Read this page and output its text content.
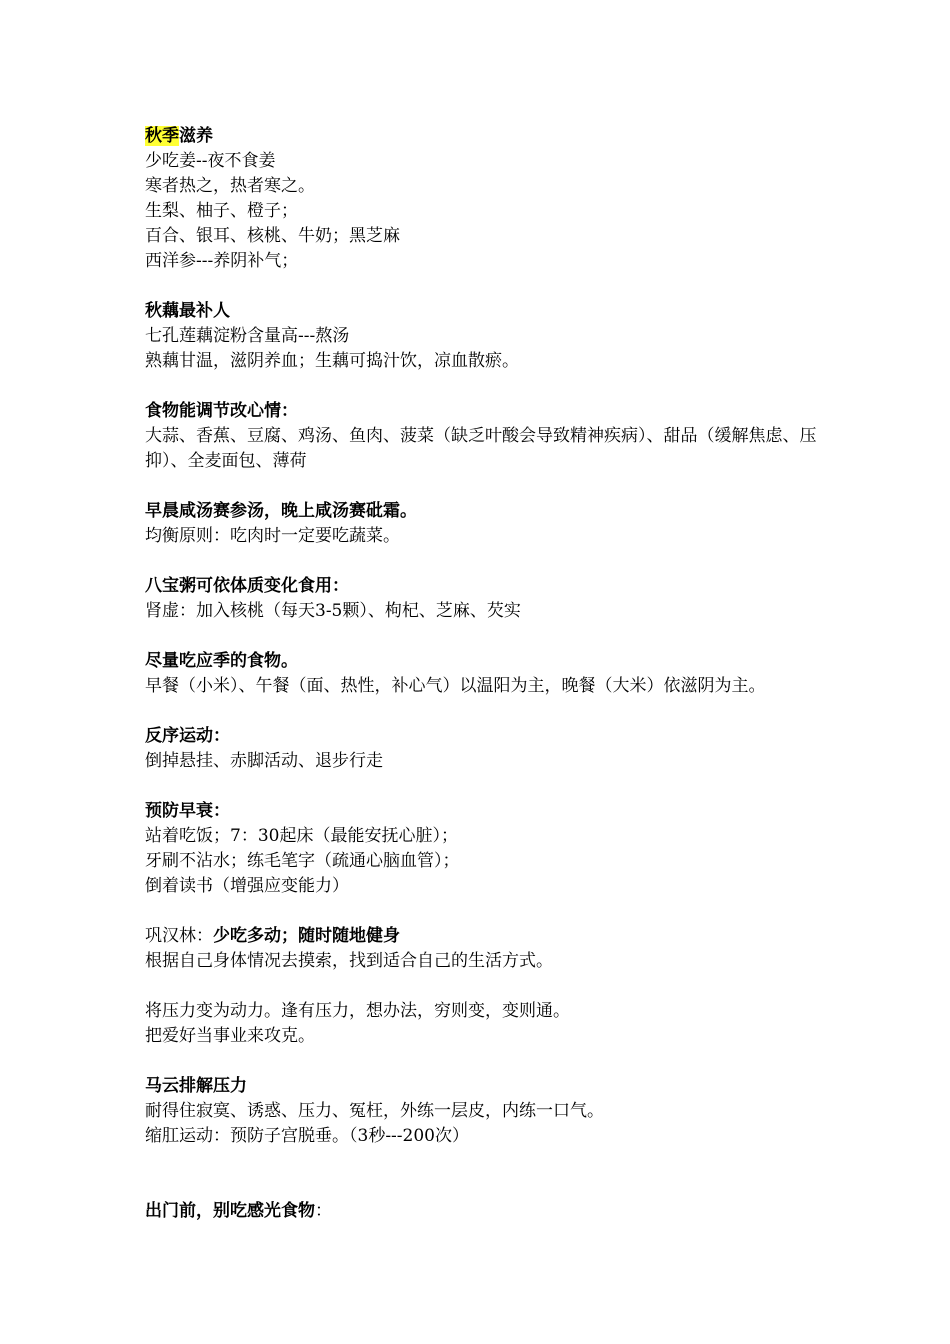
秋季滋养
少吃姜--夜不食姜
寒者热之，热者寒之。
生梨、柚子、橙子；
百合、银耳、核桃、牛奶；黑芝麻
西洋参---养阴补气；
秋藕最补人
七孔莲藕淀粉含量高---熬汤
熟藕甘温，滋阴养血；生藕可捣汁饮，凉血散瘀。
食物能调节改心情：
大蒜、香蕉、豆腐、鸡汤、鱼肉、菠菜（缺乏叶酸会导致精神疾病）、甜品（缓解焦虑、压抑）、全麦面包、薄荷
早晨咸汤赛参汤，晚上咸汤赛砒霜。
均衡原则：吃肉时一定要吃蔬菜。
八宝粥可依体质变化食用：
肾虚：加入核桃（每天3-5颗）、枸杞、芝麻、芡实
尽量吃应季的食物。
早餐（小米）、午餐（面、热性，补心气）以温阳为主，晚餐（大米）依滋阴为主。
反序运动：
倒掉悬挂、赤脚活动、退步行走
预防早衰：
站着吃饭；7：30起床（最能安抚心脏）；
牙刷不沾水；练毛笔字（疏通心脑血管）；
倒着读书（增强应变能力）
巩汉林：少吃多动；随时随地健身
根据自己身体情况去摸索，找到适合自己的生活方式。
将压力变为动力。逢有压力，想办法，穷则变，变则通。
把爱好当事业来攻克。
马云排解压力
耐得住寂寞、诱惑、压力、冤枉，外练一层皮，内练一口气。
缩肛运动：预防子宫脱垂。（3秒---200次）
出门前，别吃感光食物：
